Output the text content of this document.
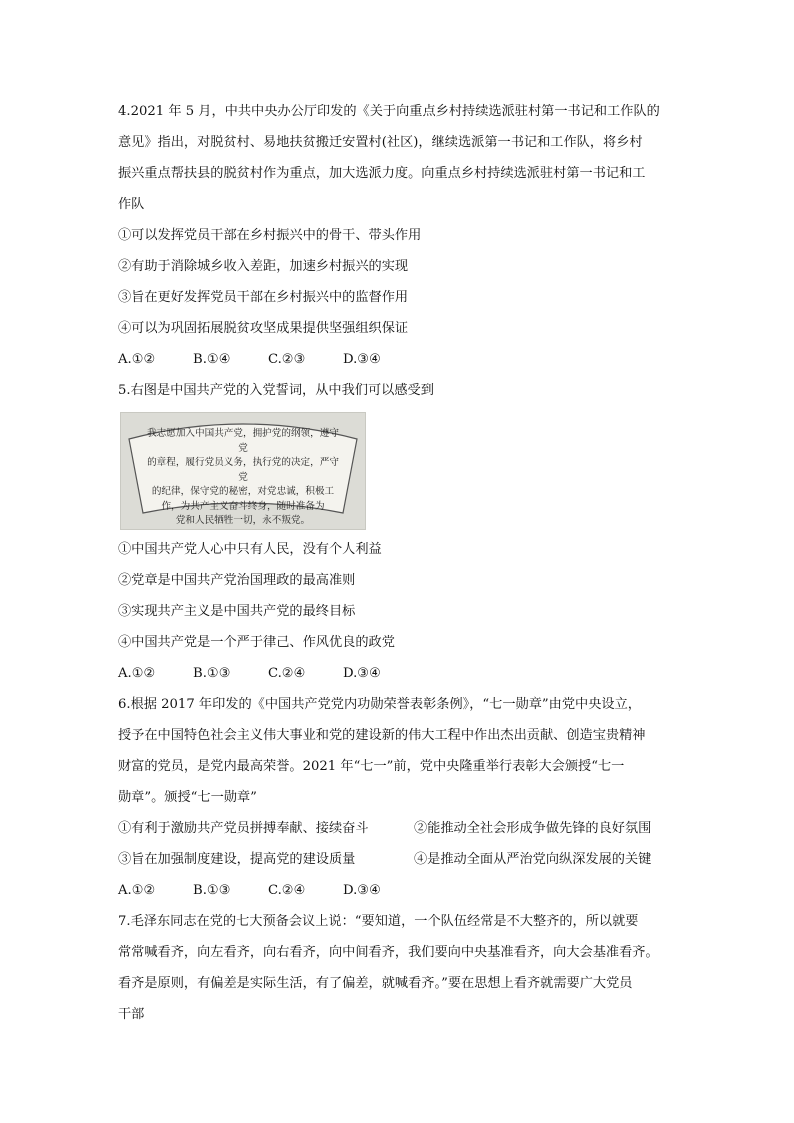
4.2021 年 5 月，中共中央办公厅印发的《关于向重点乡村持续选派驻村第一书记和工作队的

意见》指出，对脱贫村、易地扶贫搬迁安置村(社区)，继续选派第一书记和工作队，将乡村

振兴重点帮扶县的脱贫村作为重点，加大选派力度。向重点乡村持续选派驻村第一书记和工

作队

①可以发挥党员干部在乡村振兴中的骨干、带头作用

②有助于消除城乡收入差距，加速乡村振兴的实现

③旨在更好发挥党员干部在乡村振兴中的监督作用

④可以为巩固拓展脱贫攻坚成果提供坚强组织保证

A.①②	B.①④	C.②③	D.③④

5.右图是中国共产党的入党誓词，从中我们可以感受到

我志愿加入中国共产党，拥护党的纲领，遵守党
的章程，履行党员义务，执行党的决定，严守党
的纪律，保守党的秘密，对党忠诚，积极工
作，为共产主义奋斗终身，随时准备为
党和人民牺牲一切，永不叛党。

①中国共产党人心中只有人民，没有个人利益

②党章是中国共产党治国理政的最高准则

③实现共产主义是中国共产党的最终目标

④中国共产党是一个严于律己、作风优良的政党

A.①②	B.①③	C.②④	D.③④

6.根据 2017 年印发的《中国共产党党内功勋荣誉表彰条例》，“七一勋章”由党中央设立，

授予在中国特色社会主义伟大事业和党的建设新的伟大工程中作出杰出贡献、创造宝贵精神

财富的党员，是党内最高荣誉。2021 年“七一”前，党中央隆重举行表彰大会颁授“七一

勋章”。颁授“七一勋章”

①有利于激励共产党员拼搏奉献、接续奋斗	②能推动全社会形成争做先锋的良好氛围
③旨在加强制度建设，提高党的建设质量	④是推动全面从严治党向纵深发展的关键
A.①②	B.①③	C.②④	D.③④

7.毛泽东同志在党的七大预备会议上说：“要知道，一个队伍经常是不大整齐的，所以就要

常常喊看齐，向左看齐，向右看齐，向中间看齐，我们要向中央基准看齐，向大会基准看齐。

看齐是原则，有偏差是实际生活，有了偏差，就喊看齐。”要在思想上看齐就需要广大党员

干部
